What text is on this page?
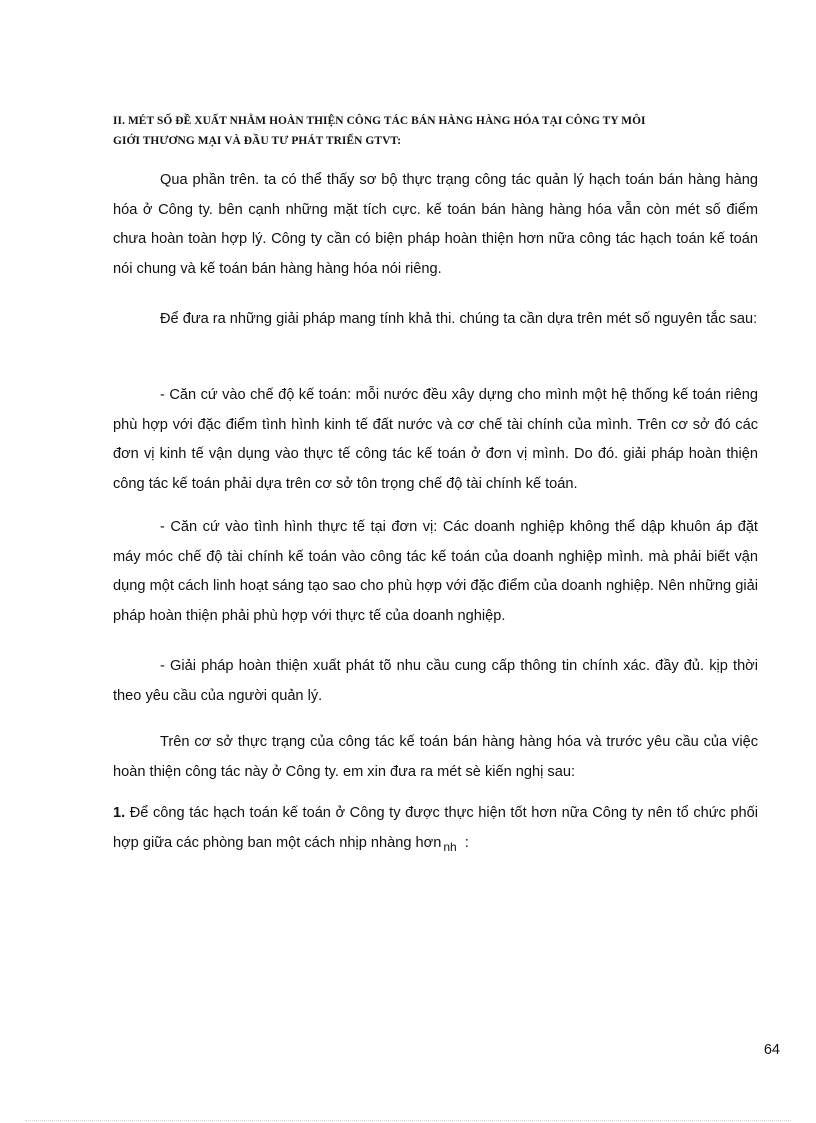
II. MÉT SỐ ĐỀ XUẤT NHẰM HOÀN THIỆN CÔNG TÁC BÁN HÀNG HÀNG HÓA TẠI CÔNG TY MÔI
GIỚI THƯƠNG MẠI VÀ ĐẦU TƯ PHÁT TRIỂN GTVT:

Qua phần trên. ta có thể thấy sơ bộ thực trạng công tác quản lý hạch toán bán hàng hàng hóa ở Công ty. bên cạnh những mặt tích cực. kế toán bán hàng hàng hóa vẫn còn mét số điểm chưa hoàn toàn hợp lý. Công ty cần có biện pháp hoàn thiện hơn nữa công tác hạch toán kế toán nói chung và kế toán bán hàng hàng hóa nói riêng.

Để đưa ra những giải pháp mang tính khả thi. chúng ta cần dựa trên mét số nguyên tắc sau:

- Căn cứ vào chế độ kế toán: mỗi nước đều xây dựng cho mình một hệ thống kế toán riêng phù hợp với đặc điểm tình hình kinh tế đất nước và cơ chế tài chính của mình. Trên cơ sở đó các đơn vị kinh tế vận dụng vào thực tế công tác kế toán ở đơn vị mình. Do đó. giải pháp hoàn thiện công tác kế toán phải dựa trên cơ sở tôn trọng chế độ tài chính kế toán.

- Căn cứ vào tình hình thực tế tại đơn vị: Các doanh nghiệp không thể dập khuôn áp đặt máy móc chế độ tài chính kế toán vào công tác kế toán của doanh nghiệp mình. mà phải biết vận dụng một cách linh hoạt sáng tạo sao cho phù hợp với đặc điểm của doanh nghiệp. Nên những giải pháp hoàn thiện phải phù hợp với thực tế của doanh nghiệp.

- Giải pháp hoàn thiện xuất phát tõ nhu cầu cung cấp thông tin chính xác. đầy đủ. kịp thời theo yêu cầu của người quản lý.

Trên cơ sở thực trạng của công tác kế toán bán hàng hàng hóa và trước yêu cầu của việc hoàn thiện công tác này ở Công ty. em xin đưa ra mét sè kiến nghị sau:

1. Để công tác hạch toán kế toán ở Công ty được thực hiện tốt hơn nữa Công ty nên tổ chức phối hợp giữa các phòng ban một cách nhịp nhàng hơn $_{nh}$ :

64
